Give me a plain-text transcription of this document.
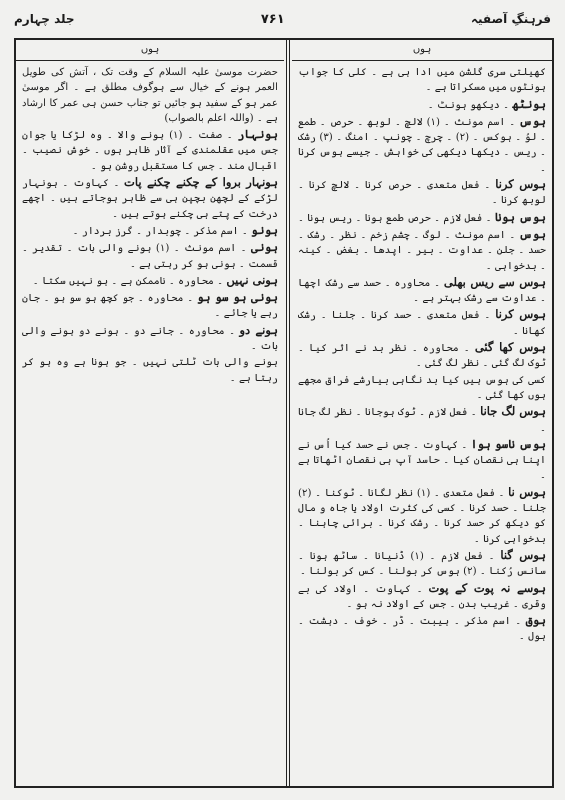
فرہنگِ آصفیہ
۷۶۱
جلد چہارم
ہوں

کھیلتی سری گلشن میں ادا ہی ہے ۔ کلی کا جواب ہونٹوں میں مسکراتا ہے ۔

ہونٹھ ۔ دیکھو ہونٹ ۔

ہوس ۔ اسم مونث ۔ (۱) لالچ ۔ لوبھ ۔ حرص ۔ طمع ۔ لوُ ۔ ہوکس ۔ (۲) ۔ چرچ ۔ چونپ ۔ امنگ ۔ (۳) رشک ۔ ریس ۔ دیکھا دیکھی کی خواہش ۔ جیسے ہوس کرنا ۔

ہوس کرنا ۔ فعل متعدی ۔ حرص کرنا ۔ لالچ کرنا ۔ لوبھ کرنا ۔

ہوس ہونا ۔ فعل لازم ۔ حرص طمع ہونا ۔ ریس ہونا ۔

ہوس ۔ اسم مونث ۔ لوگ ۔ چشم زخم ۔ نظر ۔ رشک ۔ حسد ۔ جلن ۔ عداوت ۔ بیر ۔ اپدھا ۔ بغض ۔ کینہ ۔ بدخواہی ۔

ہوس سے ریس بھلی ۔ محاورہ ۔ حسد سے رشک اچھا ۔ عداوت سے رشک بہتر ہے ۔

ہوس کرنا ۔ فعل متعدی ۔ حسد کرنا ۔ جلنا ۔ رشک کھانا ۔

ہوس کھا گئی ۔ محاورہ ۔ نظر بد نے اثر کیا ۔ ٹوک لگ گئی ۔ نظر لگ گئی ۔

کسی کی ہوس ہیں کیا بد نگاہی بیارشے فراق مجھے ہوں کھا گئی ۔

ہوس لگ جانا ۔ فعل لازم ۔ ٹوک ہوجانا ۔ نظر لگ جانا ۔

ہوس ناسو ہوا ۔ کہاوت ۔ جس نے حسد کیا اُس نے اپنا ہی نقصان کیا ۔ حاسد آپ ہی نقصان اٹھاتا ہے ۔

ہوس نا ۔ فعل متعدی ۔ (۱) نظر لگانا ۔ ٹوکنا ۔ (۲) جلنا ۔ حسد کرنا ۔ کسی کی کثرت اولاد یا جاہ و مال کو دیکھ کر حسد کرنا ۔ رشک کرنا ۔ برائی چاہنا ۔ بدخواہی کرنا ۔

ہوس گنا ۔ فعل لازم ۔ (۱) ڈنیانا ۔ ساٹھ ہونا ۔ سانس رُکنا ۔ (۲) ہوس کر بولنا ۔ کس کر بولنا ۔

ہوسے نہ پوت کے پوت ۔ کہاوت ۔ اولاد کی بے وقری ۔ غریب بدن ۔ جس کے اولاد نہ ہو ۔

ہوق ۔ اسم مذکر ۔ ہیبت ۔ ڈر ۔ خوف ۔ دہشت ۔ ہول ۔

ہوں

حضرت موسیٰ علیہ السلام کے وقت تک ، آتش کی طویل العمر ہونے کے خیال سے ہوگوف مطلق ہے ۔ اگر موسیٰ عمر ہو کے سفید ہو جائیں تو جناب حسن ہی عمر کا ارشاد ہے ۔ (واللہ اعلم بالصواب)

ہونہار ۔ صفت ۔ (۱) ہونے والا ۔ وہ لڑکا یا جوان جس میں عقلمندی کے آثار ظاہر ہوں ۔ خوش نصیب ۔ اقبال مند ۔ جس کا مستقبل روشن ہو ۔

ہونہار بروا کے چکنے چکنے پات ۔ کہاوت ۔ ہونہار لڑکے کے لچھن بچپن ہی سے ظاہر ہوجاتے ہیں ۔ اچھے درخت کے پتے ہی چکنے ہوتے ہیں ۔

ہونو ۔ اسم مذکر ۔ چوبدار ۔ گرز بردار ۔

ہونی ۔ اسم مونث ۔ (۱) ہونے والی بات ۔ تقدیر ۔ قسمت ۔ ہونی ہو کر رہتی ہے ۔

ہونی نہیں ۔ محاورہ ۔ ناممکن ہے ۔ ہو نہیں سکتا ۔

ہونی ہو سو ہو ۔ محاورہ ۔ جو کچھ ہو سو ہو ۔ جان رہے یا جائے ۔

ہونے دو ۔ محاورہ ۔ جانے دو ۔ ہونے دو ہونے والی بات ۔

ہونے والی بات ٹلتی نہیں ۔ جو ہونا ہے وہ ہو کر رہتا ہے ۔
